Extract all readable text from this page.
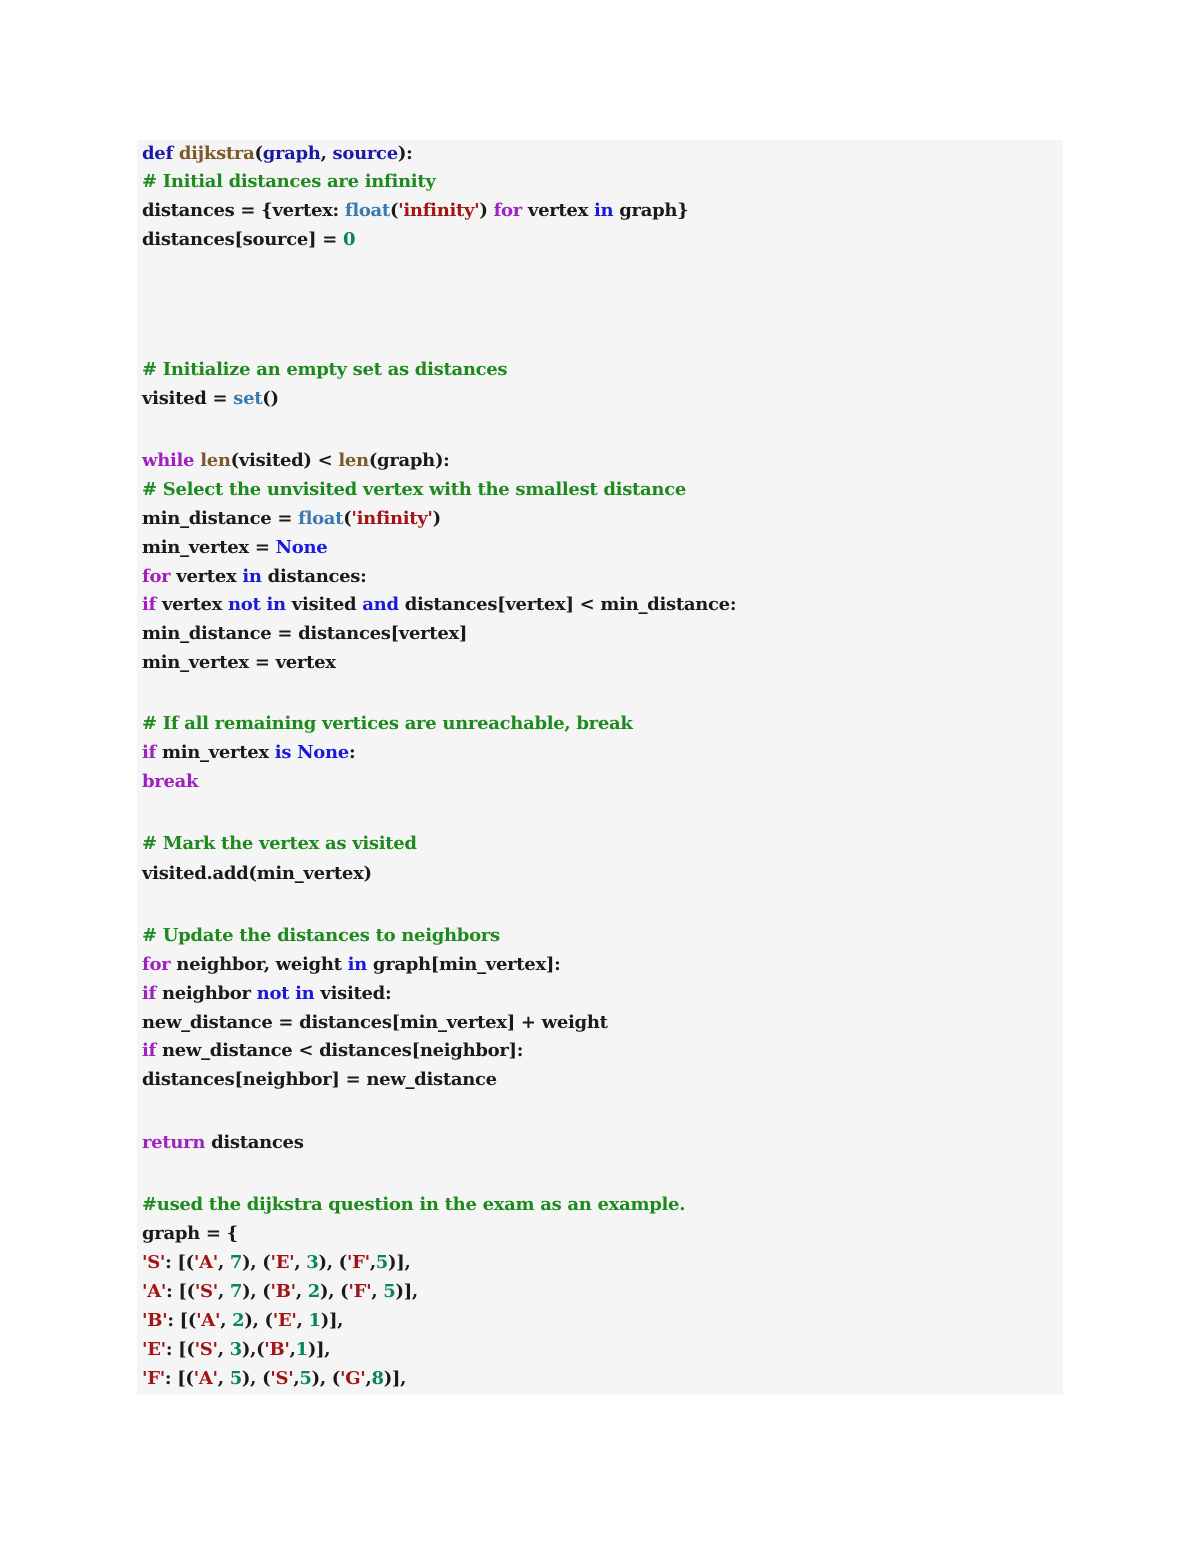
def dijkstra(graph, source):
# Initial distances are infinity
distances = {vertex: float('infinity') for vertex in graph}
distances[source] = 0
# Initialize an empty set as distances
visited = set()
while len(visited) < len(graph):
# Select the unvisited vertex with the smallest distance
min_distance = float('infinity')
min_vertex = None
for vertex in distances:
if vertex not in visited and distances[vertex] < min_distance:
min_distance = distances[vertex]
min_vertex = vertex
# If all remaining vertices are unreachable, break
if min_vertex is None:
break
# Mark the vertex as visited
visited.add(min_vertex)
# Update the distances to neighbors
for neighbor, weight in graph[min_vertex]:
if neighbor not in visited:
new_distance = distances[min_vertex] + weight
if new_distance < distances[neighbor]:
distances[neighbor] = new_distance
return distances
#used the dijkstra question in the exam as an example.
graph = {
'S': [('A', 7), ('E', 3), ('F',5)],
'A': [('S', 7), ('B', 2), ('F', 5)],
'B': [('A', 2), ('E', 1)],
'E': [('S', 3),('B',1)],
'F': [('A', 5), ('S',5), ('G',8)],
